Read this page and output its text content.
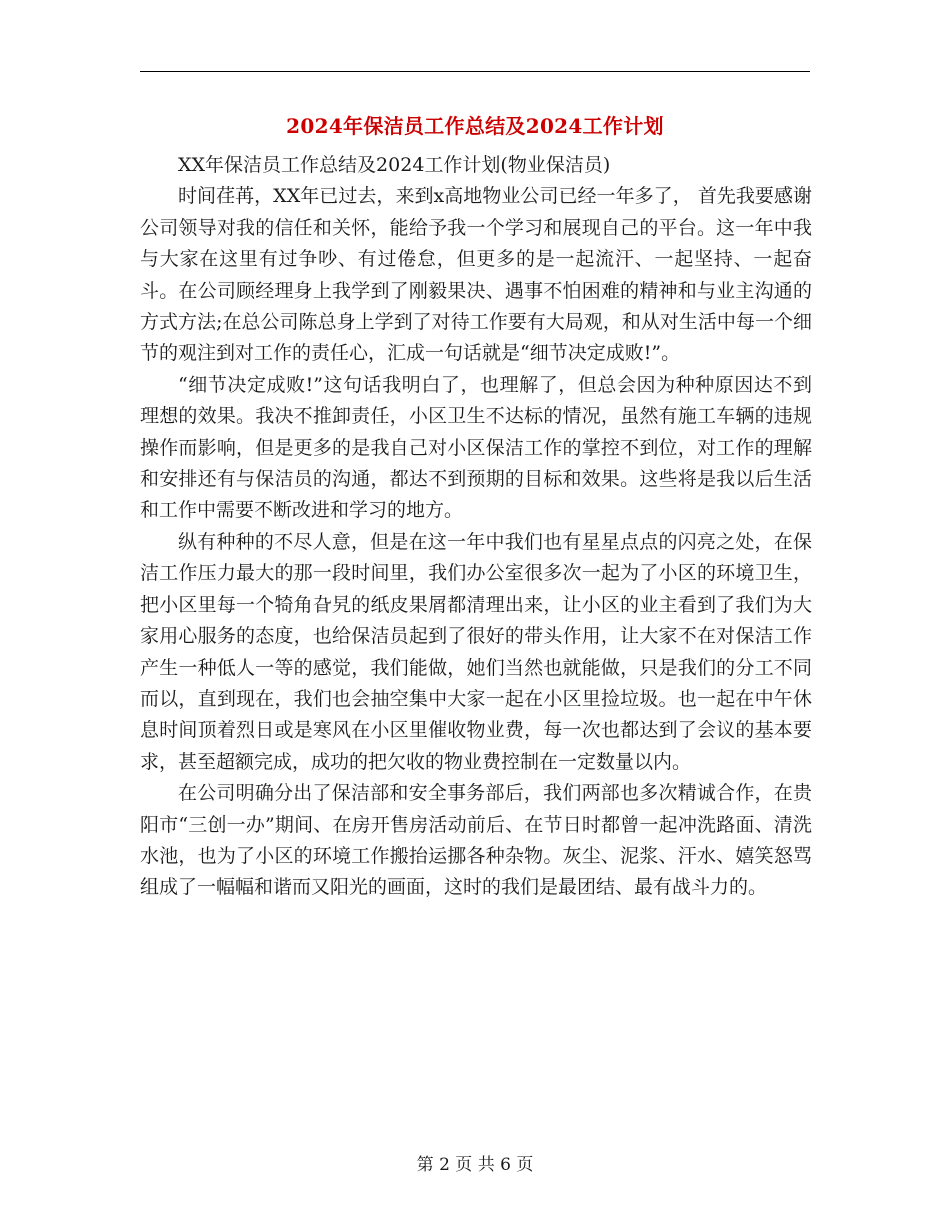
2024年保洁员工作总结及2024工作计划

XX年保洁员工作总结及2024工作计划(物业保洁员)

时间荏苒，XX年已过去，来到x高地物业公司已经一年多了， 首先我要感谢公司领导对我的信任和关怀，能给予我一个学习和展现自己的平台。这一年中我与大家在这里有过争吵、有过倦怠，但更多的是一起流汗、一起坚持、一起奋斗。在公司顾经理身上我学到了刚毅果决、遇事不怕困难的精神和与业主沟通的方式方法;在总公司陈总身上学到了对待工作要有大局观，和从对生活中每一个细节的观注到对工作的责任心，汇成一句话就是“细节决定成败!”。

“细节决定成败!”这句话我明白了，也理解了，但总会因为种种原因达不到理想的效果。我决不推卸责任，小区卫生不达标的情况，虽然有施工车辆的违规操作而影响，但是更多的是我自己对小区保洁工作的掌控不到位，对工作的理解和安排还有与保洁员的沟通，都达不到预期的目标和效果。这些将是我以后生活和工作中需要不断改进和学习的地方。

纵有种种的不尽人意，但是在这一年中我们也有星星点点的闪亮之处，在保洁工作压力最大的那一段时间里，我们办公室很多次一起为了小区的环境卫生，把小区里每一个犄角旮旯的纸皮果屑都清理出来，让小区的业主看到了我们为大家用心服务的态度，也给保洁员起到了很好的带头作用，让大家不在对保洁工作产生一种低人一等的感觉，我们能做，她们当然也就能做，只是我们的分工不同而以，直到现在，我们也会抽空集中大家一起在小区里捡垃圾。也一起在中午休息时间顶着烈日或是寒风在小区里催收物业费，每一次也都达到了会议的基本要求，甚至超额完成，成功的把欠收的物业费控制在一定数量以内。

在公司明确分出了保洁部和安全事务部后，我们两部也多次精诚合作，在贵阳市“三创一办”期间、在房开售房活动前后、在节日时都曾一起冲洗路面、清洗水池，也为了小区的环境工作搬抬运挪各种杂物。灰尘、泥浆、汗水、嬉笑怒骂组成了一幅幅和谐而又阳光的画面，这时的我们是最团结、最有战斗力的。

第 2 页 共 6 页
